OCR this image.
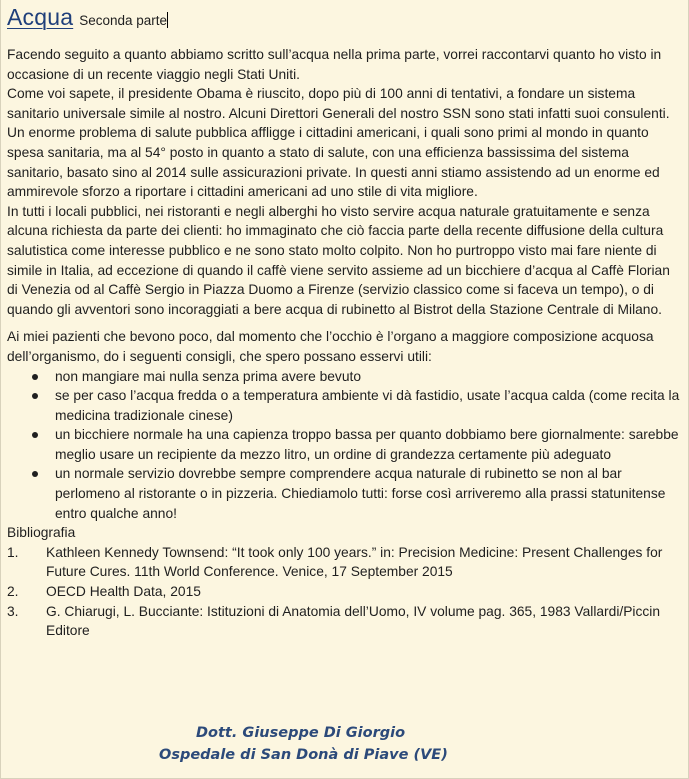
Acqua Seconda parte

Facendo seguito a quanto abbiamo scritto sull’acqua nella prima parte, vorrei raccontarvi quanto ho visto in occasione di un recente viaggio negli Stati Uniti.

Come voi sapete, il presidente Obama è riuscito, dopo più di 100 anni di tentativi, a fondare un sistema sanitario universale simile al nostro. Alcuni Direttori Generali del nostro SSN sono stati infatti suoi consulenti. Un enorme problema di salute pubblica affligge i cittadini americani, i quali sono primi al mondo in quanto spesa sanitaria, ma al 54° posto in quanto a stato di salute, con una efficienza bassissima del sistema sanitario, basato sino al 2014 sulle assicurazioni private. In questi anni stiamo assistendo ad un enorme ed ammirevole sforzo a riportare i cittadini americani ad uno stile di vita migliore.

In tutti i locali pubblici, nei ristoranti e negli alberghi ho visto servire acqua naturale gratuitamente e senza alcuna richiesta da parte dei clienti: ho immaginato che ciò faccia parte della recente diffusione della cultura salutistica come interesse pubblico e ne sono stato molto colpito. Non ho purtroppo visto mai fare niente di simile in Italia, ad eccezione di quando il caffè viene servito assieme ad un bicchiere d’acqua al Caffè Florian di Venezia od al Caffè Sergio in Piazza Duomo a Firenze (servizio classico come si faceva un tempo), o di quando gli avventori sono incoraggiati a bere acqua di rubinetto al Bistrot della Stazione Centrale di Milano.

Ai miei pazienti che bevono poco, dal momento che l’occhio è l’organo a maggiore composizione acquosa dell’organismo, do i seguenti consigli, che spero possano esservi utili:

non mangiare mai nulla senza prima avere bevuto
se per caso l’acqua fredda o a temperatura ambiente vi dà fastidio, usate l’acqua calda (come recita la medicina tradizionale cinese)
un bicchiere normale ha una capienza troppo bassa per quanto dobbiamo bere giornalmente: sarebbe meglio usare un recipiente da mezzo litro, un ordine di grandezza certamente più adeguato
un normale servizio dovrebbe sempre comprendere acqua naturale di rubinetto se non al bar perlomeno al ristorante o in pizzeria. Chiediamolo tutti: forse così arriveremo alla prassi statunitense entro qualche anno!

Bibliografia

1. Kathleen Kennedy Townsend: “It took only 100 years.” in: Precision Medicine: Present Challenges for Future Cures. 11th World Conference. Venice, 17 September 2015
2. OECD Health Data, 2015
3. G. Chiarugi, L. Bucciante: Istituzioni di Anatomia dell’Uomo, IV volume pag. 365, 1983 Vallardi/Piccin Editore
Dott. Giuseppe Di Giorgio
Ospedale di San Donà di Piave (VE)
